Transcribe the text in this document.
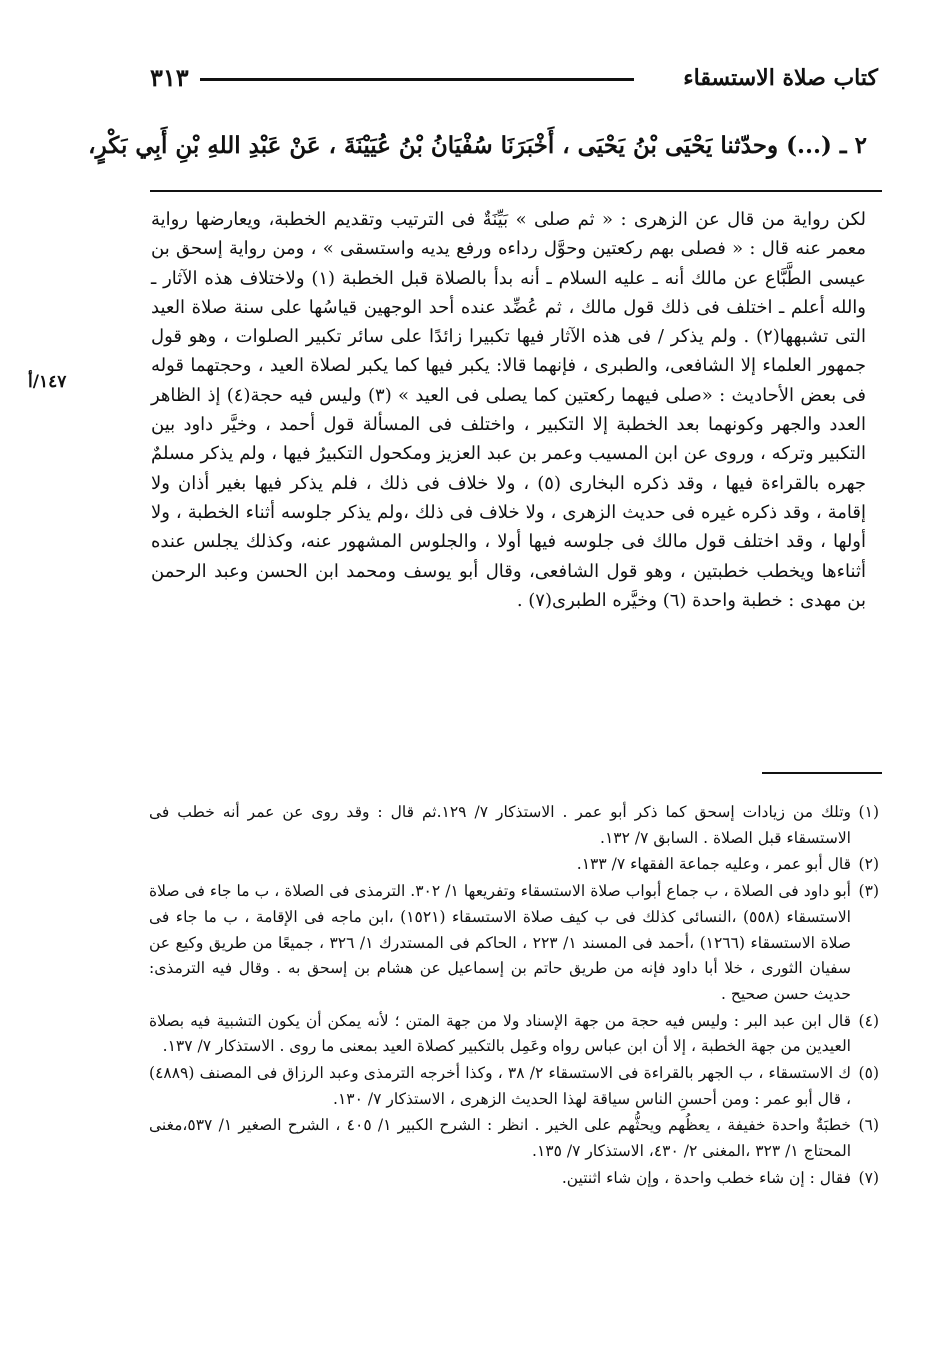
٣١٣	كتاب صلاة الاستسقاء
٢ ـ (...) وحدّثنا يَحْيَى بْنُ يَحْيَى ، أَخْبَرَنَا سُفْيَانُ بْنُ عُيَيْنَةَ ، عَنْ عَبْدِ اللهِ بْنِ أَبِي بَكْرٍ،
١٤٧/أ

لكن رواية من قال عن الزهرى : « ثم صلى » بَيِّنَةٌ فى الترتيب وتقديم الخطبة، ويعارضها رواية معمر عنه قال : « فصلى بهم ركعتين وحوَّل رداءه ورفع يديه واستسقى » ، ومن رواية إسحق بن عيسى الطَّبَّاع عن مالك أنه ـ عليه السلام ـ أنه بدأ بالصلاة قبل الخطبة (١) ولاختلاف هذه الآثار ـ والله أعلم ـ اختلف فى ذلك قول مالك ، ثم عُضِّد عنده أحد الوجهين قياسُها على سنة صلاة العيد التى تشبهها(٢) . ولم يذكر / فى هذه الآثار فيها تكبيرا زائدًا على سائر تكبير الصلوات ، وهو قول جمهور العلماء إلا الشافعى، والطبرى ، فإنهما قالا: يكبر فيها كما يكبر لصلاة العيد ، وحجتهما قوله فى بعض الأحاديث : «صلى فيهما ركعتين كما يصلى فى العيد » (٣) وليس فيه حجة(٤) إذ الظاهر العدد والجهر وكونهما بعد الخطبة إلا التكبير ، واختلف فى المسألة قول أحمد ، وخيَّر داود بين التكبير وتركه ، وروى عن ابن المسيب وعمر بن عبد العزيز ومكحول التكبيرُ فيها ، ولم يذكر مسلمٌ جهره بالقراءة فيها ، وقد ذكره البخارى (٥) ، ولا خلاف فى ذلك ، فلم يذكر فيها بغير أذان ولا إقامة ، وقد ذكره غيره فى حديث الزهرى ، ولا خلاف فى ذلك ،ولم يذكر جلوسه أثناء الخطبة ، ولا أولها ، وقد اختلف قول مالك فى جلوسه فيها أولا ، والجلوس المشهور عنه، وكذلك يجلس عنده أثناءها ويخطب خطبتين ، وهو قول الشافعى، وقال أبو يوسف ومحمد ابن الحسن وعبد الرحمن بن مهدى : خطبة واحدة (٦) وخيَّره الطبرى(٧) .

(١)
وتلك من زيادات إسحق كما ذكر أبو عمر . الاستذكار ٧/ ١٢٩.ثم قال : وقد روى عن عمر أنه خطب فى الاستسقاء قبل الصلاة . السابق ٧/ ١٣٢.

(٢)
قال أبو عمر ، وعليه جماعة الفقهاء ٧/ ١٣٣.

(٣)
أبو داود فى الصلاة ، ب جماع أبواب صلاة الاستسقاء وتفريعها ١/ ٣٠٢. الترمذى فى الصلاة ، ب ما جاء فى صلاة الاستسقاء (٥٥٨) ،النسائى كذلك فى ب كيف صلاة الاستسقاء (١٥٢١) ،ابن ماجه فى الإقامة ، ب ما جاء فى صلاة الاستسقاء (١٢٦٦) ،أحمد فى المسند ١/ ٢٢٣ ، الحاكم فى المستدرك ١/ ٣٢٦ ، جميعًا من طريق وكيع عن سفيان الثورى ، خلا أبا داود فإنه من طريق حاتم بن إسماعيل عن هشام بن إسحق به . وقال فيه الترمذى: حديث حسن صحيح .

(٤)
قال ابن عبد البر : وليس فيه حجة من جهة الإسناد ولا من جهة المتن ؛ لأنه يمكن أن يكون التشبية فيه بصلاة العيدين من جهة الخطبة ، إلا أن ابن عباس رواه وعَمِل بالتكبير كصلاة العيد بمعنى ما روى . الاستذكار ٧/ ١٣٧.

(٥)
ك الاستسقاء ، ب الجهر بالقراءة فى الاستسقاء ٢/ ٣٨ ، وكذا أخرجه الترمذى وعبد الرزاق فى المصنف (٤٨٨٩) ، قال أبو عمر : ومن أحسنِ الناس سياقة لهذا الحديث الزهرى ، الاستذكار ٧/ ١٣٠.

(٦)
خطبَةٌ واحدة خفيفة ، يعظُهم ويحثُّهم على الخير . انظر : الشرح الكبير ١/ ٤٠٥ ، الشرح الصغير ١/ ٥٣٧،مغنى المحتاج ١/ ٣٢٣ ،المغنى ٢/ ٤٣٠، الاستذكار ٧/ ١٣٥.

(٧)
فقال : إن شاء خطب واحدة ، وإن شاء اثنتين.
